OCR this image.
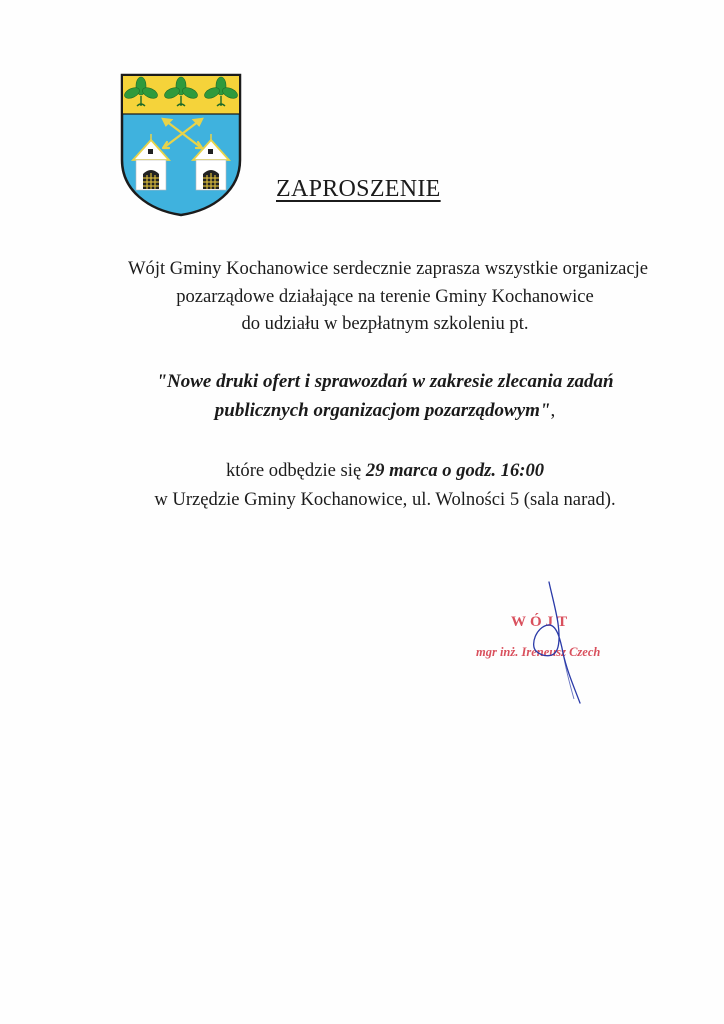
ZAPROSZENIE
Wójt Gminy Kochanowice serdecznie zaprasza wszystkie organizacje
pozarządowe działające na terenie Gminy Kochanowice
do udziału w bezpłatnym szkoleniu pt.
"Nowe druki ofert i sprawozdań w zakresie zlecania zadań
publicznych organizacjom pozarządowym",
które odbędzie się 29 marca o godz. 16:00
w Urzędzie Gminy Kochanowice, ul. Wolności 5 (sala narad).
WÓJT
mgr inż. Ireneusz Czech
